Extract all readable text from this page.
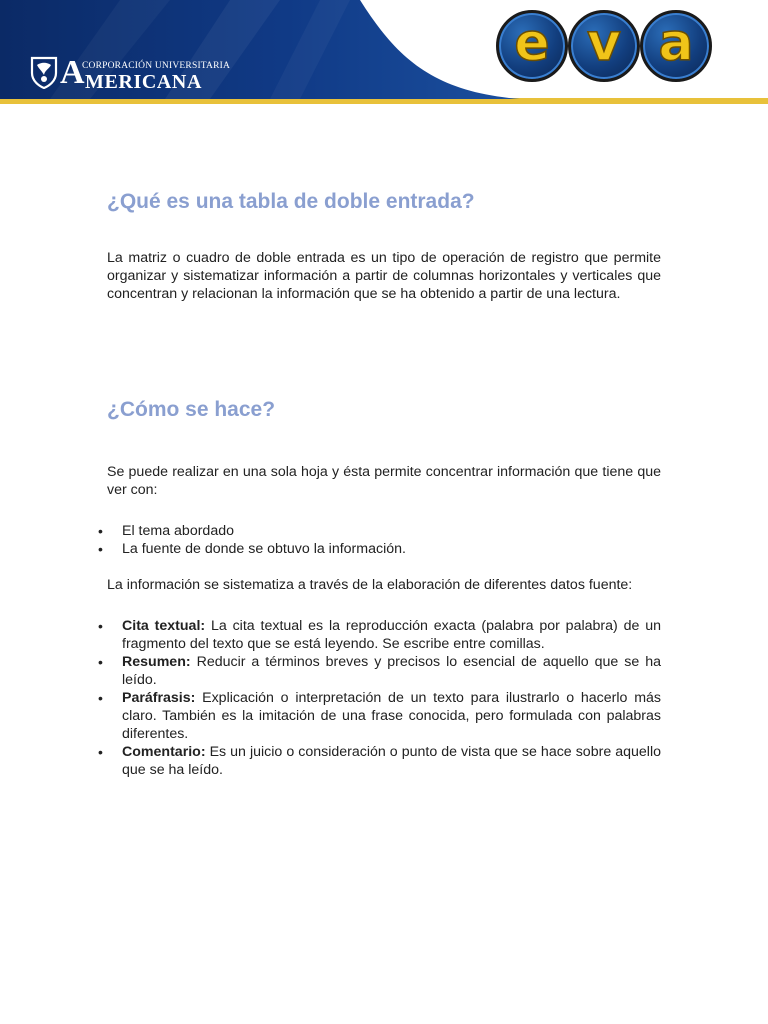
A
CORPORACIÓN UNIVERSITARIA
MERICANA
e v a
¿Qué es una tabla de doble entrada?

La matriz o cuadro de doble entrada es un tipo de operación de registro que permite organizar y sistematizar información a partir de columnas horizontales y verticales que concentran y relacionan la información que se ha obtenido a partir de una lectura.

¿Cómo se hace?

Se puede realizar en una sola hoja y ésta permite concentrar información que tiene que ver con:

• El tema abordado
• La fuente de donde se obtuvo la información.

La información se sistematiza a través de la elaboración de diferentes datos fuente:

• Cita textual: La cita textual es la reproducción exacta (palabra por palabra) de un fragmento del texto que se está leyendo. Se escribe entre comillas.
• Resumen: Reducir a términos breves y precisos lo esencial de aquello que se ha leído.
• Paráfrasis: Explicación o interpretación de un texto para ilustrarlo o hacerlo más claro. También es la imitación de una frase conocida, pero formulada con palabras diferentes.
• Comentario: Es un juicio o consideración o punto de vista que se hace sobre aquello que se ha leído.
